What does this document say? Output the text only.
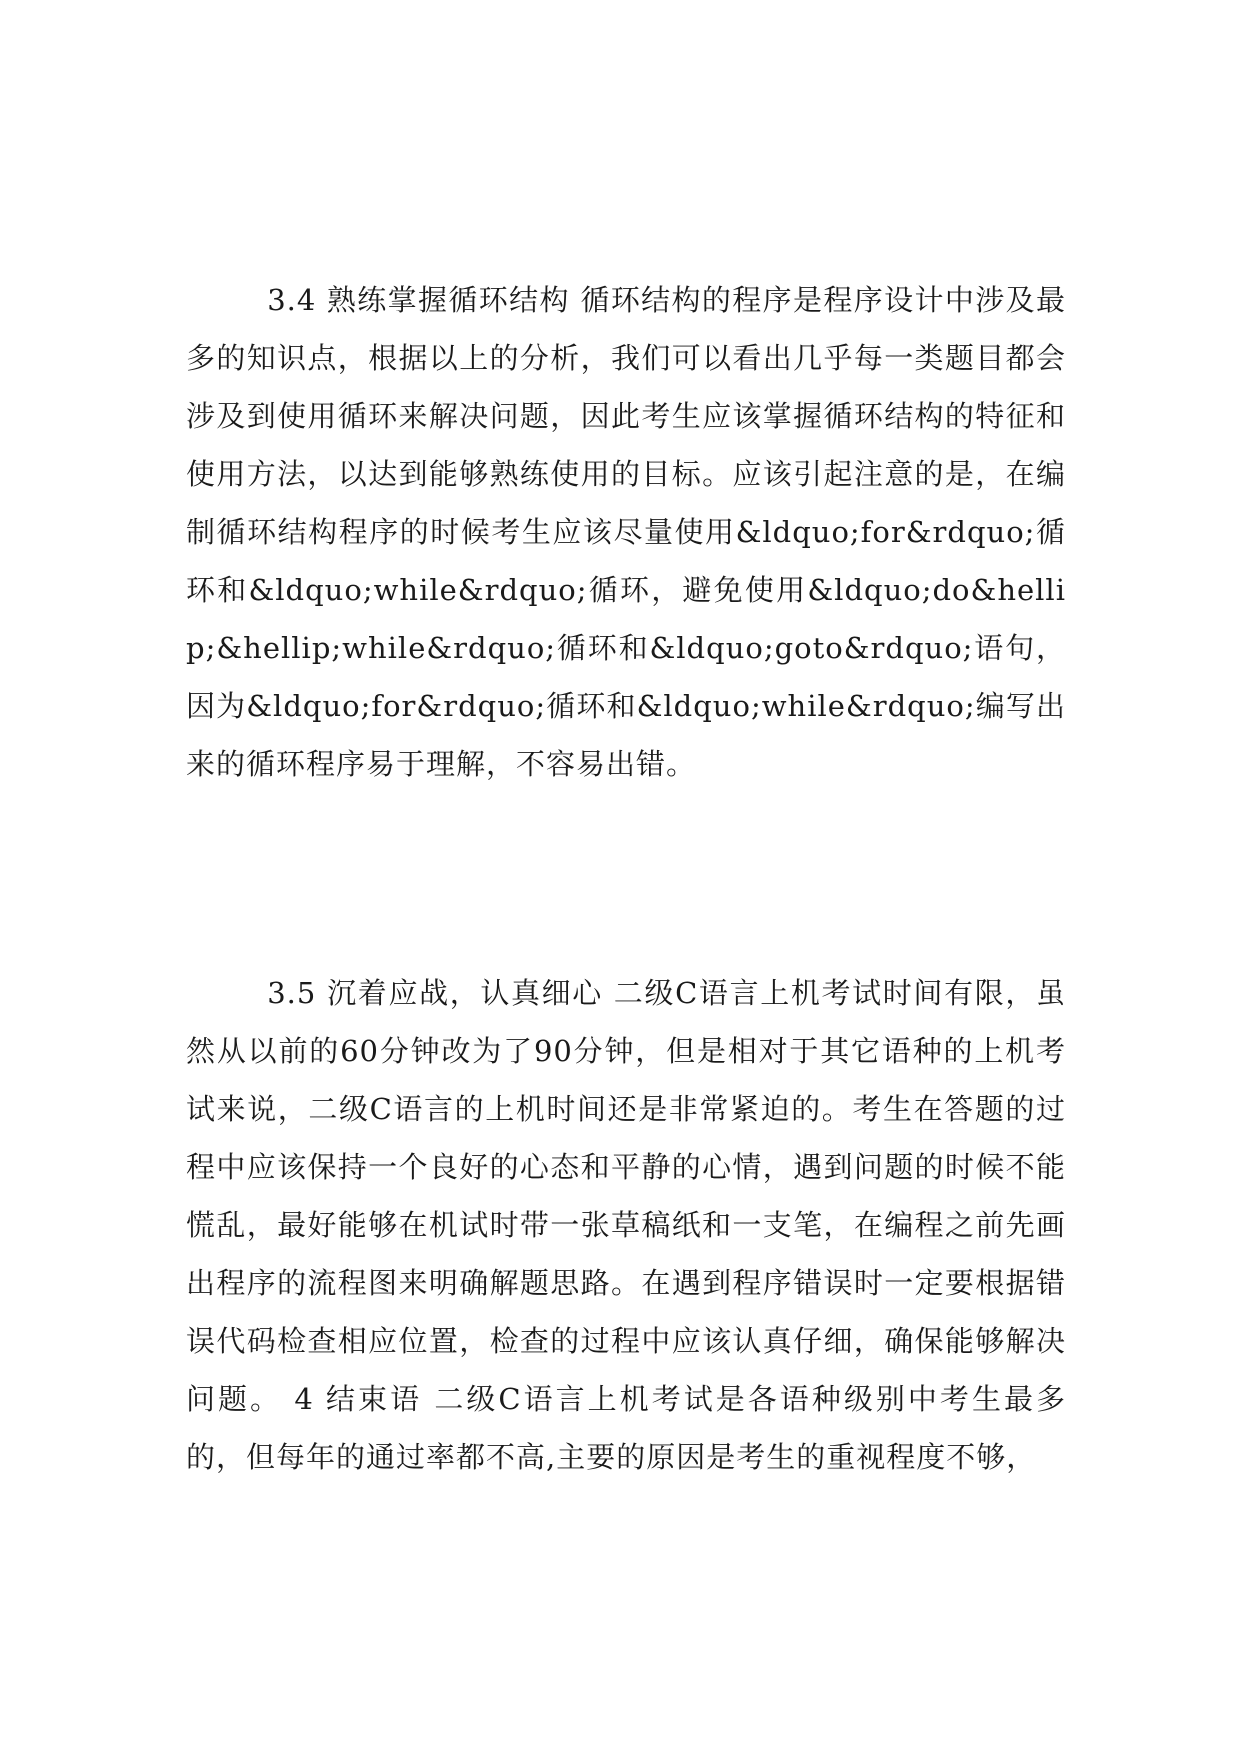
3.4 熟练掌握循环结构 循环结构的程序是程序设计中涉及最多的知识点，根据以上的分析，我们可以看出几乎每一类题目都会涉及到使用循环来解决问题，因此考生应该掌握循环结构的特征和使用方法，以达到能够熟练使用的目标。应该引起注意的是，在编制循环结构程序的时候考生应该尽量使用&ldquo;for&rdquo;循环和&ldquo;while&rdquo;循环，避免使用&ldquo;do&hellip;&hellip;while&rdquo;循环和&ldquo;goto&rdquo;语句，因为&ldquo;for&rdquo;循环和&ldquo;while&rdquo;编写出来的循环程序易于理解，不容易出错。

3.5 沉着应战，认真细心 二级C语言上机考试时间有限，虽然从以前的60分钟改为了90分钟，但是相对于其它语种的上机考试来说，二级C语言的上机时间还是非常紧迫的。考生在答题的过程中应该保持一个良好的心态和平静的心情，遇到问题的时候不能慌乱，最好能够在机试时带一张草稿纸和一支笔，在编程之前先画出程序的流程图来明确解题思路。在遇到程序错误时一定要根据错误代码检查相应位置，检查的过程中应该认真仔细，确保能够解决问题。 4 结束语 二级C语言上机考试是各语种级别中考生最多的，但每年的通过率都不高,主要的原因是考生的重视程度不够，
